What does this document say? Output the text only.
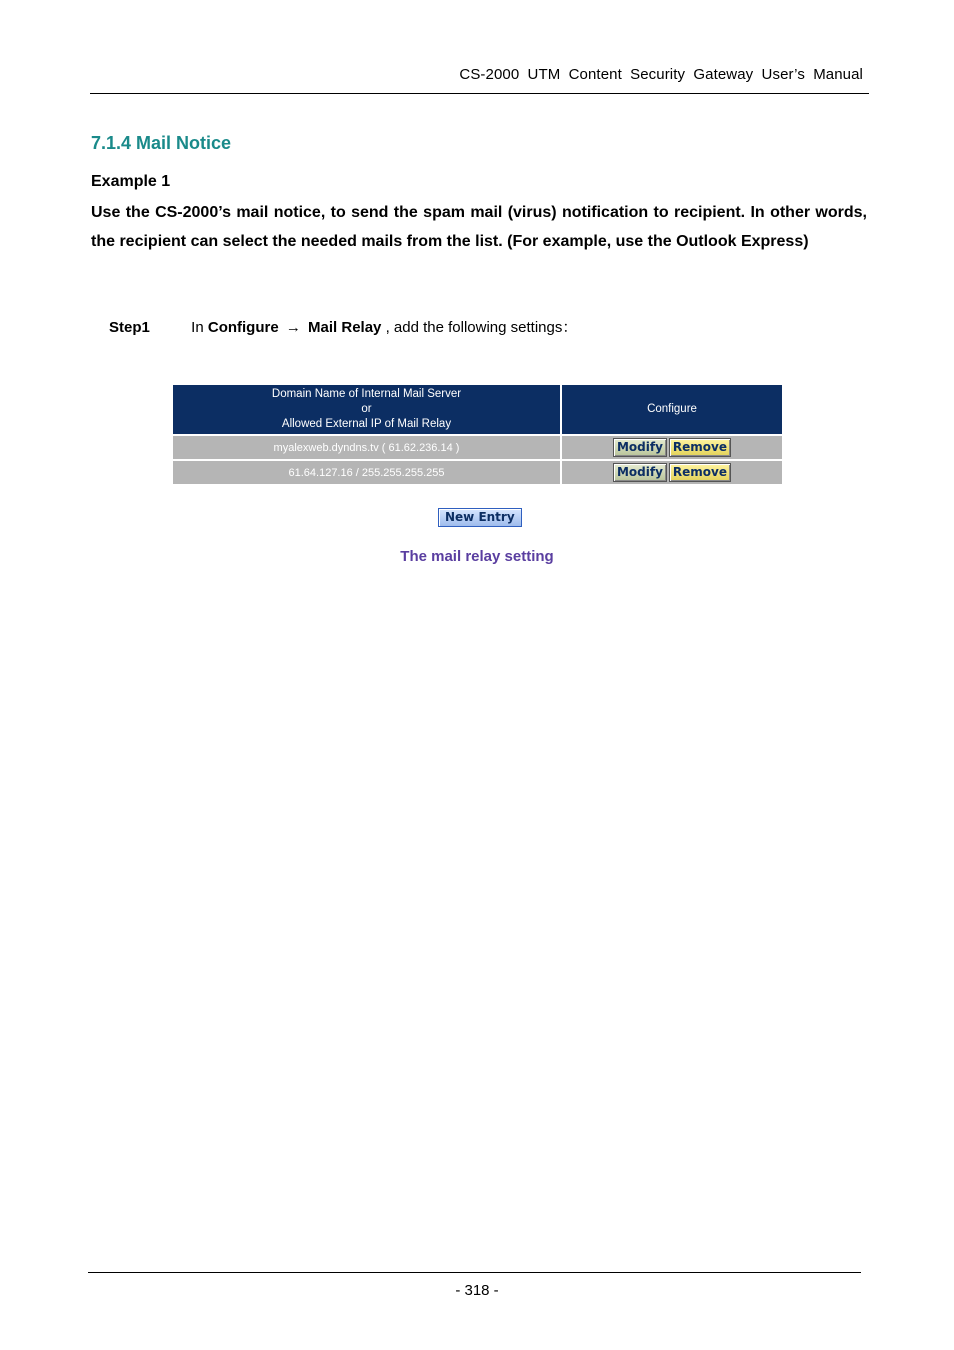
CS-2000 UTM Content Security Gateway User’s Manual
7.1.4 Mail Notice
Example 1
Use the CS-2000’s mail notice, to send the spam mail (virus) notification to recipient. In other words, the recipient can select the needed mails from the list. (For example, use the Outlook Express)
Step1	In Configure → Mail Relay , add the following settings：
Domain Name of Internal Mail Server
or
Allowed External IP of Mail Relay	Configure
myalexweb.dyndns.tv ( 61.62.236.14 )	Modify Remove
61.64.127.16 / 255.255.255.255	Modify Remove
New Entry
The mail relay setting
- 318 -
